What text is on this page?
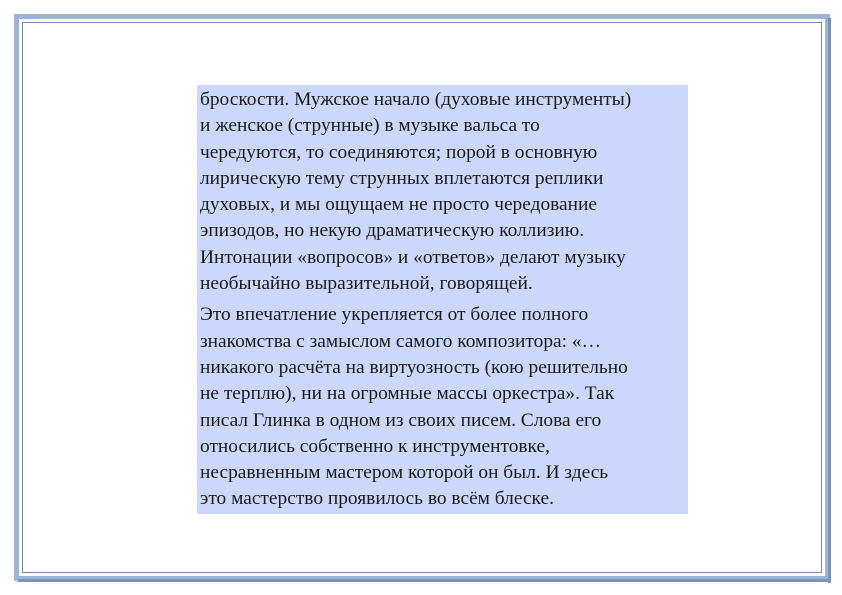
броскости. Мужское начало (духовые инструменты)
и женское (струнные) в музыке вальса то
чередуются, то соединяются; порой в основную
лирическую тему струнных вплетаются реплики
духовых, и мы ощущаем не просто чередование
эпизодов, но некую драматическую коллизию.
Интонации «вопросов» и «ответов» делают музыку
необычайно выразительной, говорящей.

Это впечатление укрепляется от более полного
знакомства с замыслом самого композитора: «…
никакого расчёта на виртуозность (кою решительно
не терплю), ни на огромные массы оркестра». Так
писал Глинка в одном из своих писем. Слова его
относились собственно к инструментовке,
несравненным мастером которой он был. И здесь
это мастерство проявилось во всём блеске.
